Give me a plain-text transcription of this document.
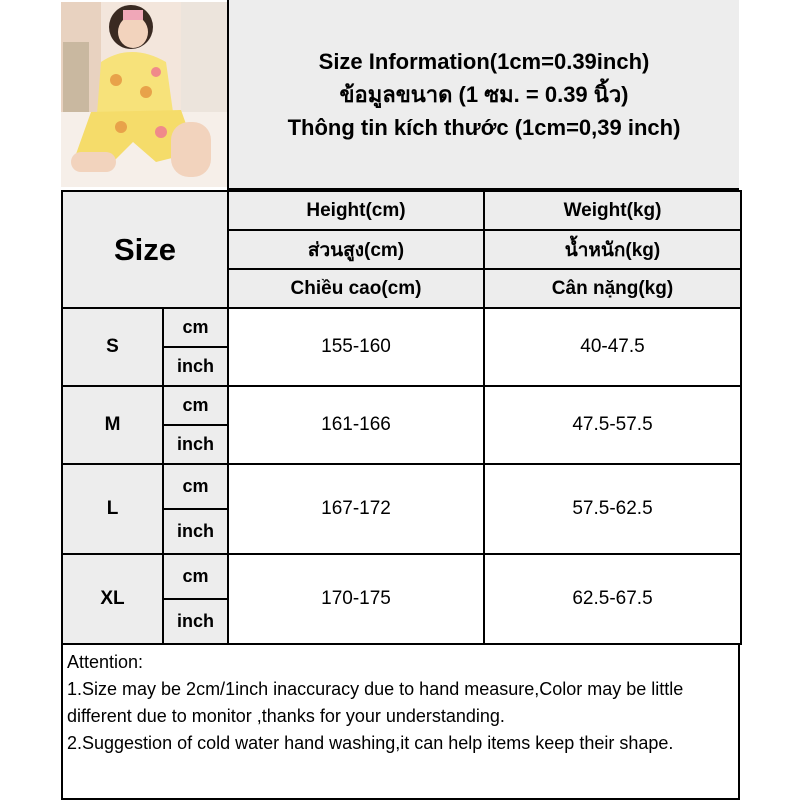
Size Information(1cm=0.39inch)
ข้อมูลขนาด (1 ซม. = 0.39 นิ้ว)
Thông tin kích thước (1cm=0,39 inch)
Size		Height(cm)	Weight(kg)
		ส่วนสูง(cm)	น้ำหนัก(kg)
		Chiều cao(cm)	Cân nặng(kg)
S	cm	155-160	40-47.5
	inch		
M	cm	161-166	47.5-57.5
	inch		
L	cm	167-172	57.5-62.5
	inch		
XL	cm	170-175	62.5-67.5
	inch		

Attention:

1.Size may be 2cm/1inch inaccuracy due to hand measure,Color may be little different due to monitor ,thanks for your understanding.

2.Suggestion of cold water hand washing,it can help items keep their shape.
